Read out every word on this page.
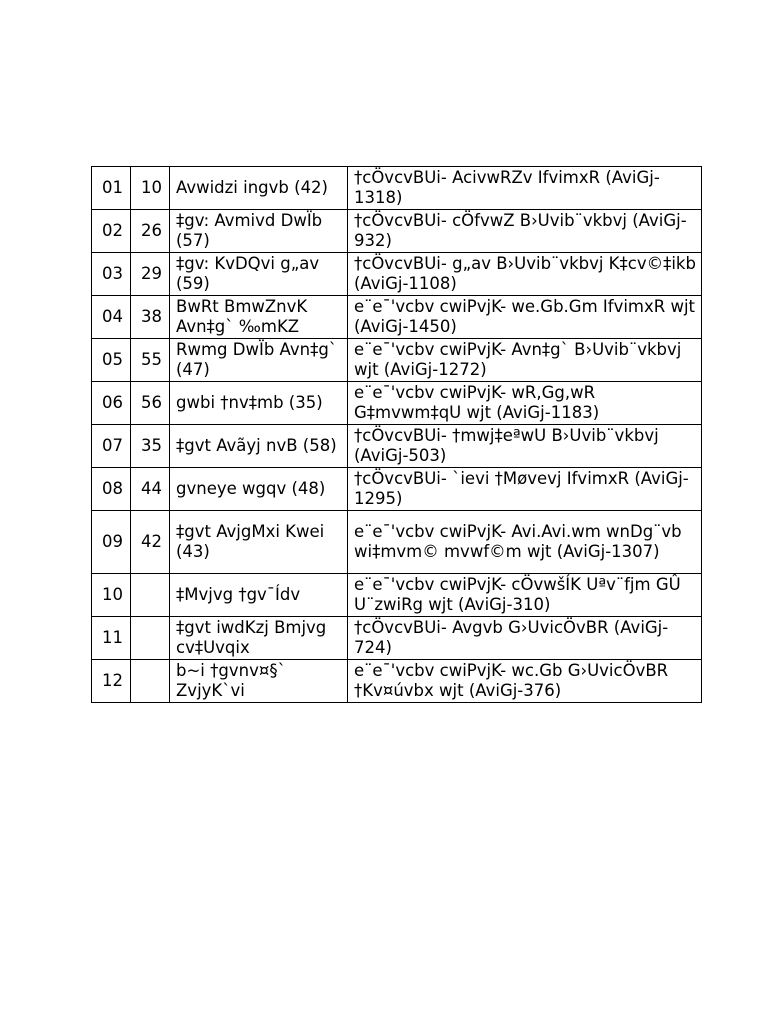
01	10	Avwidzi ingvb (42)	†cÖvcvBUi- AcivwRZv IfvimxR (AviGj-1318)
02	26	‡gv: Avmivd DwÏb (57)	†cÖvcvBUi- cÖfvwZ B›Uvib¨vkbvj (AviGj-932)
03	29	‡gv: KvDQvi g„av (59)	†cÖvcvBUi- g„av B›Uvib¨vkbvj K‡cv©‡ikb (AviGj-1108)
04	38	BwRt BmwZnvK Avn‡g` ‰mKZ	e¨e¯'vcbv cwiPvjK- we.Gb.Gm IfvimxR wjt (AviGj-1450)
05	55	Rwmg DwÏb Avn‡g` (47)	e¨e¯'vcbv cwiPvjK- Avn‡g` B›Uvib¨vkbvj wjt (AviGj-1272)
06	56	gwbi †nv‡mb (35)	e¨e¯'vcbv cwiPvjK- wR,Gg,wR G‡mvwm‡qU wjt (AviGj-1183)
07	35	‡gvt Avãyj nvB (58)	†cÖvcvBUi- †mwj‡eªwU B›Uvib¨vkbvj (AviGj-503)
08	44	gvneye wgqv (48)	†cÖvcvBUi- `ievi †Møvevj IfvimxR (AviGj-1295)
09	42	‡gvt AvjgMxi Kwei (43)	e¨e¯'vcbv cwiPvjK- Avi.Avi.wm wnDg¨vb wi‡mvm© mvwf©m wjt (AviGj-1307)
10		‡Mvjvg †gv¯Ídv	e¨e¯'vcbv cwiPvjK- cÖvwšÍK Uªv¨fjm GÛ U¨zwiRg wjt (AviGj-310)
11		‡gvt iwdKzj Bmjvg cv‡Uvqix	†cÖvcvBUi- Avgvb G›UvicÖvBR (AviGj-724)
12		b~i †gvnv¤§` ZvjyK`vi	e¨e¯'vcbv cwiPvjK- wc.Gb G›UvicÖvBR †Kv¤úvbx wjt (AviGj-376)
